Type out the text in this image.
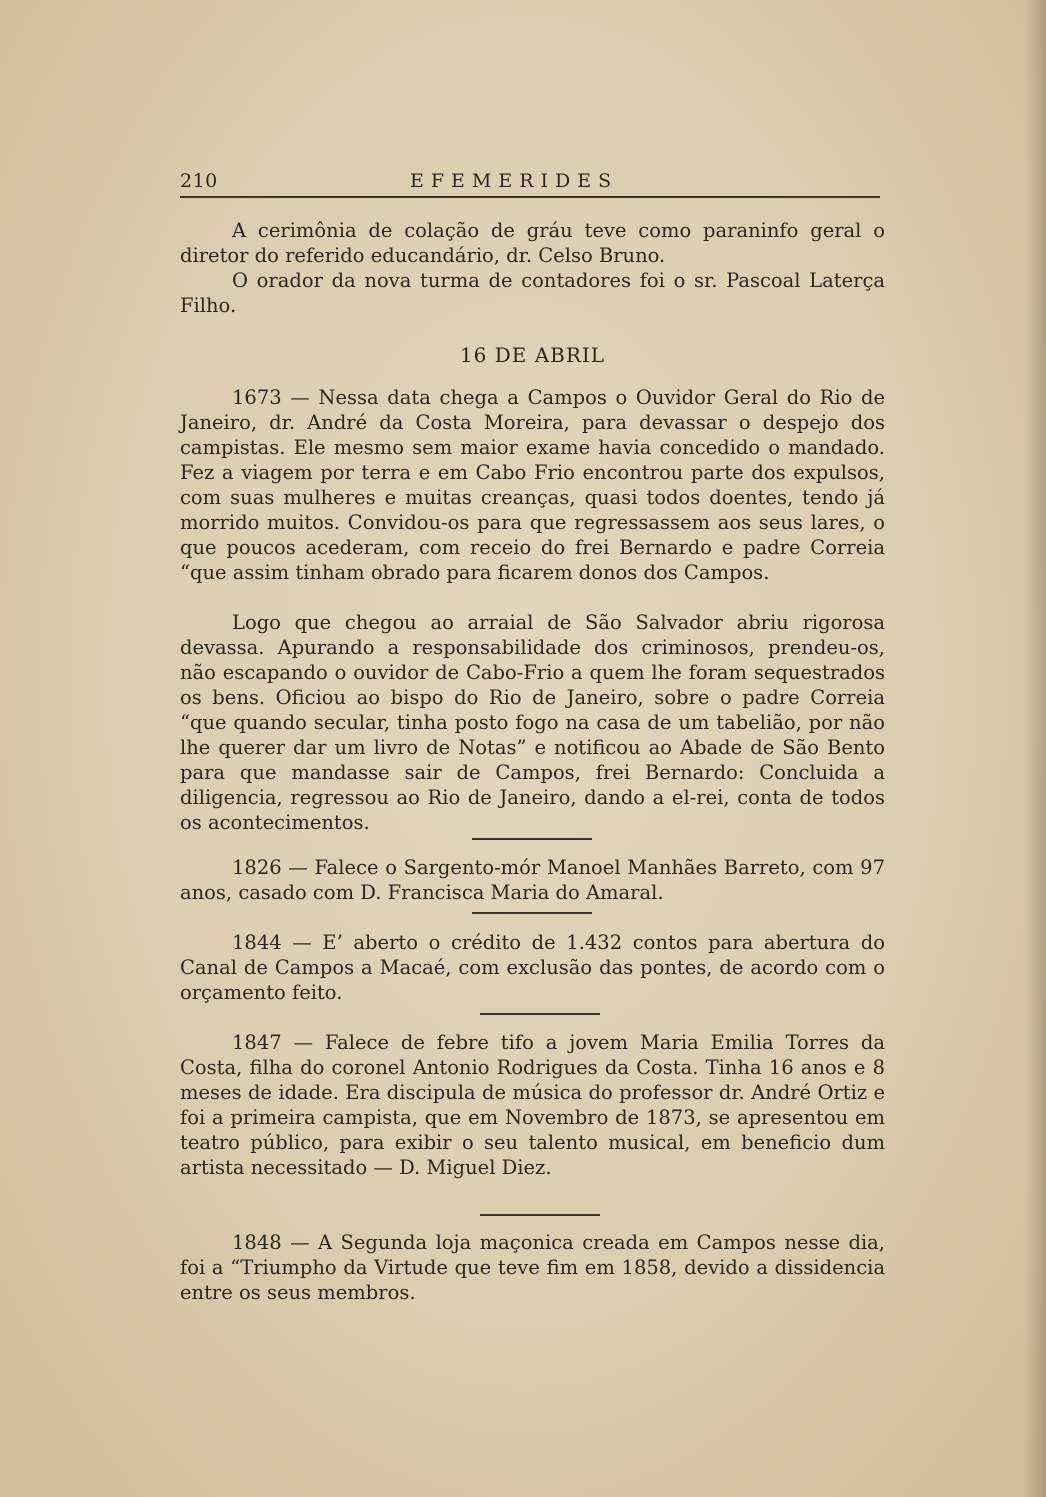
210	EFEMERIDES

A cerimônia de colação de gráu teve como paraninfo geral o diretor do referido educandário, dr. Celso Bruno.

O orador da nova turma de contadores foi o sr. Pascoal Laterça Filho.

16 DE ABRIL

1673 — Nessa data chega a Campos o Ouvidor Geral do Rio de Janeiro, dr. André da Costa Moreira, para devassar o despejo dos campistas. Ele mesmo sem maior exame havia concedido o mandado. Fez a viagem por terra e em Cabo Frio encontrou parte dos expulsos, com suas mulheres e muitas creanças, quasi todos doentes, tendo já morrido muitos. Convidou-os para que regressassem aos seus lares, o que poucos acederam, com receio do frei Bernardo e padre Correia “que assim tinham obrado para ficarem donos dos Campos.

Logo que chegou ao arraial de São Salvador abriu rigorosa devassa. Apurando a responsabilidade dos criminosos, prendeu-os, não escapando o ouvidor de Cabo-Frio a quem lhe foram sequestrados os bens. Oficiou ao bispo do Rio de Janeiro, sobre o padre Correia “que quando secular, tinha posto fogo na casa de um tabelião, por não lhe querer dar um livro de Notas” e notificou ao Abade de São Bento para que mandasse sair de Campos, frei Bernardo: Concluida a diligencia, regressou ao Rio de Janeiro, dando a el-rei, conta de todos os acontecimentos.

1826 — Falece o Sargento-mór Manoel Manhães Barreto, com 97 anos, casado com D. Francisca Maria do Amaral.

1844 — E’ aberto o crédito de 1.432 contos para abertura do Canal de Campos a Macaé, com exclusão das pontes, de acordo com o orçamento feito.

1847 — Falece de febre tifo a jovem Maria Emilia Torres da Costa, filha do coronel Antonio Rodrigues da Costa. Tinha 16 anos e 8 meses de idade. Era discipula de música do professor dr. André Ortiz e foi a primeira campista, que em Novembro de 1873, se apresentou em teatro público, para exibir o seu talento musical, em beneficio dum artista necessitado — D. Miguel Diez.

1848 — A Segunda loja maçonica creada em Campos nesse dia, foi a “Triumpho da Virtude que teve fim em 1858, devido a dissidencia entre os seus membros.
